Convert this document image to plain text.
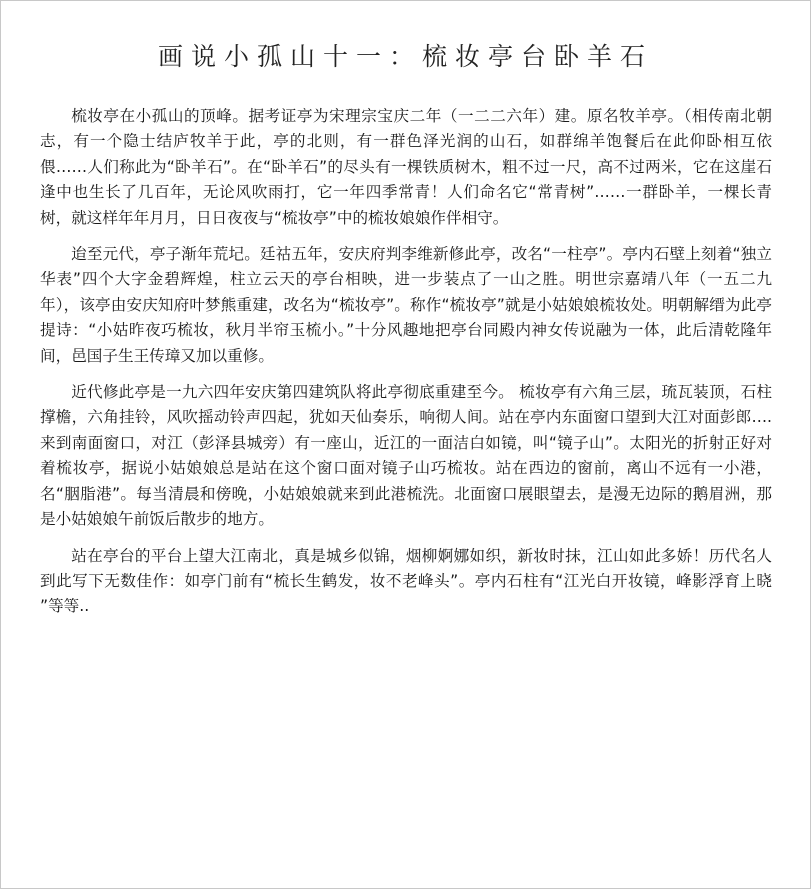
画说小孤山十一：梳妆亭台卧羊石

梳妆亭在小孤山的顶峰。据考证亭为宋理宗宝庆二年（一二二六年）建。原名牧羊亭。（相传南北朝志，有一个隐士结庐牧羊于此，亭的北则，有一群色泽光润的山石，如群绵羊饱餐后在此仰卧相互依偎……人们称此为“卧羊石”。在“卧羊石”的尽头有一棵铁质树木，粗不过一尺，高不过两米，它在这崖石逢中也生长了几百年，无论风吹雨打，它一年四季常青！人们命名它“常青树”……一群卧羊，一棵长青树，就这样年年月月，日日夜夜与“梳妆亭”中的梳妆娘娘作伴相守。

迨至元代，亭子渐年荒圮。廷祜五年，安庆府判李维新修此亭，改名“一柱亭”。亭内石壁上刻着“独立华表”四个大字金碧辉煌，柱立云天的亭台相映，进一步装点了一山之胜。明世宗嘉靖八年（一五二九年），该亭由安庆知府叶梦熊重建，改名为“梳妆亭”。称作“梳妆亭”就是小姑娘娘梳妆处。明朝解缙为此亭提诗：“小姑昨夜巧梳妆，秋月半帘玉梳小。”十分风趣地把亭台同殿内神女传说融为一体，此后清乾隆年间，邑国子生王传璋又加以重修。

近代修此亭是一九六四年安庆第四建筑队将此亭彻底重建至今。 梳妆亭有六角三层，琉瓦装顶，石柱撑檐，六角挂铃，风吹摇动铃声四起，犹如天仙奏乐，响彻人间。站在亭内东面窗口望到大江对面彭郎….来到南面窗口，对江（彭泽县城旁）有一座山，近江的一面洁白如镜，叫“镜子山”。太阳光的折射正好对着梳妆亭，据说小姑娘娘总是站在这个窗口面对镜子山巧梳妆。站在西边的窗前，离山不远有一小港，名“胭脂港”。每当清晨和傍晚，小姑娘娘就来到此港梳洗。北面窗口展眼望去，是漫无边际的鹅眉洲，那是小姑娘娘午前饭后散步的地方。

站在亭台的平台上望大江南北，真是城乡似锦，烟柳婀娜如织，新妆时抹，江山如此多娇！历代名人到此写下无数佳作：如亭门前有“梳长生鹤发，妆不老峰头”。亭内石柱有“江光白开妆镜，峰影浮育上晓 ”等等..
